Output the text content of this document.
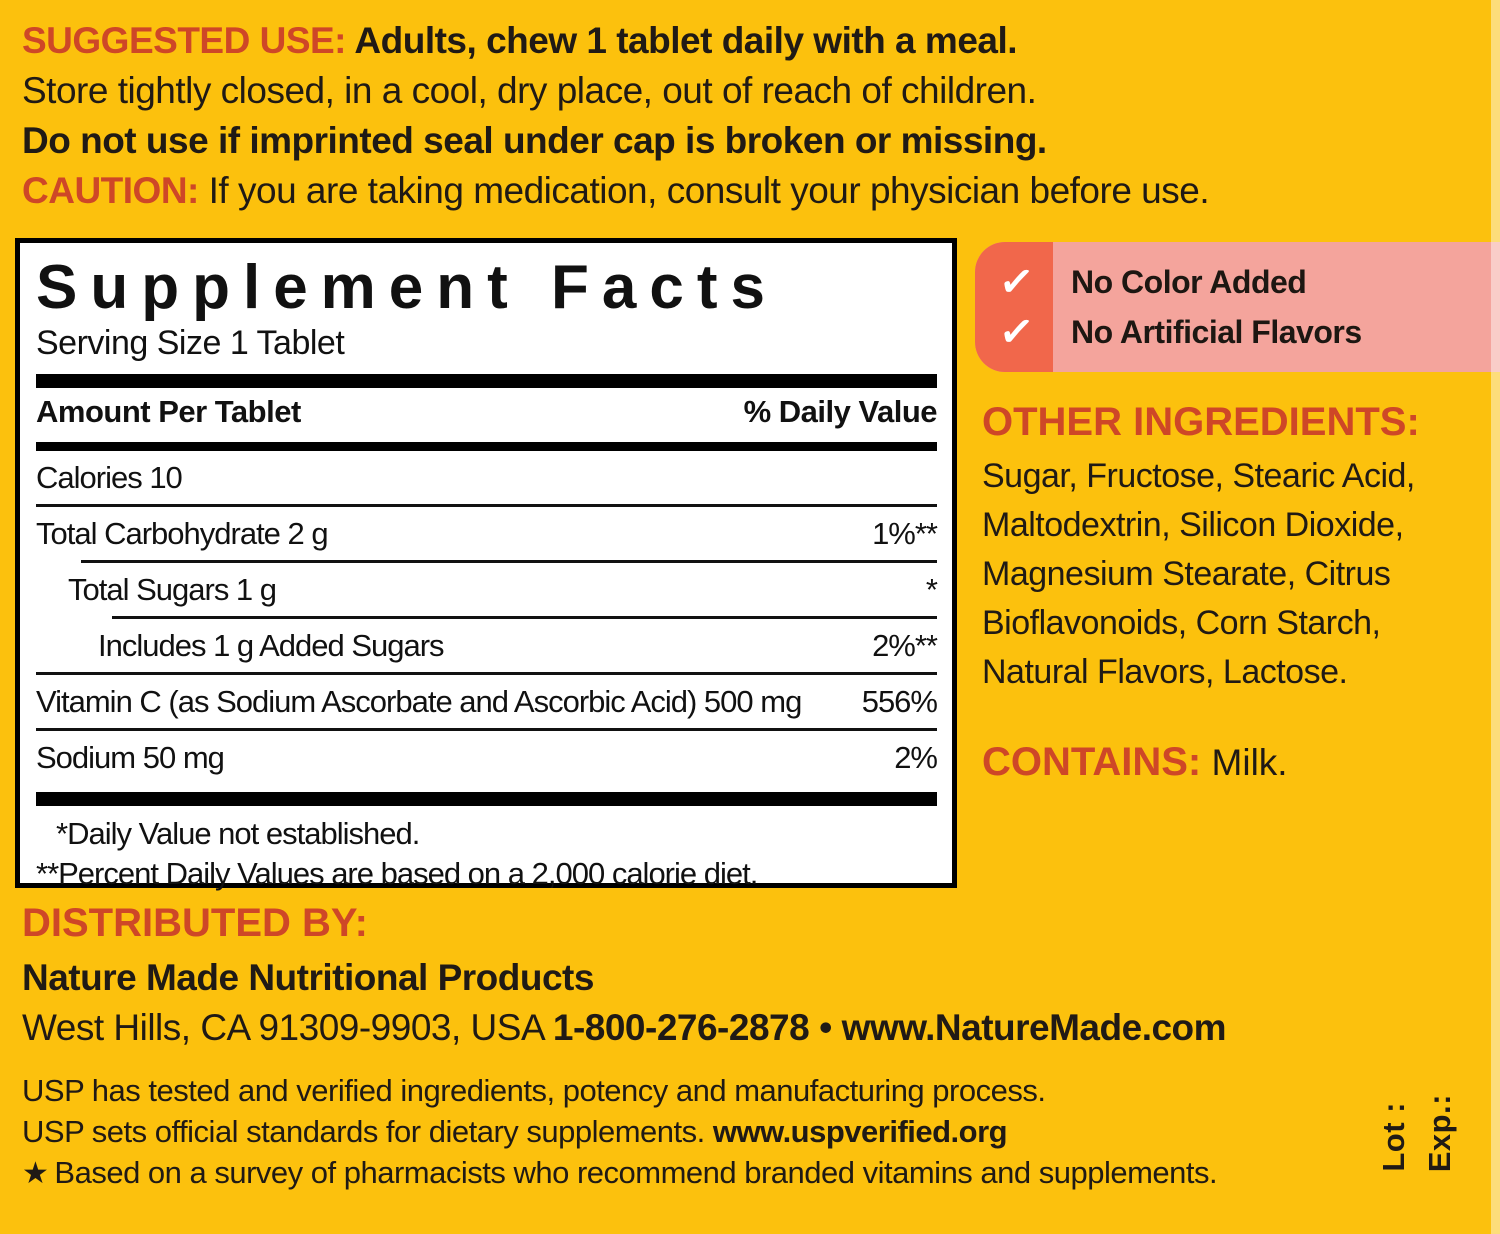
SUGGESTED USE: Adults, chew 1 tablet daily with a meal.
Store tightly closed, in a cool, dry place, out of reach of children.
Do not use if imprinted seal under cap is broken or missing.
CAUTION: If you are taking medication, consult your physician before use.
Supplement Facts
Serving Size 1 Tablet
Amount Per Tablet	% Daily Value
Calories 10
Total Carbohydrate 2 g	1%**
Total Sugars 1 g	*
Includes 1 g Added Sugars	2%**
Vitamin C (as Sodium Ascorbate and Ascorbic Acid) 500 mg 556%
Sodium 50 mg	2%
*Daily Value not established.
**Percent Daily Values are based on a 2,000 calorie diet.
✓
✓
No Color Added
No Artificial Flavors
OTHER INGREDIENTS:
Sugar, Fructose, Stearic Acid, Maltodextrin, Silicon Dioxide, Magnesium Stearate, Citrus Bioflavonoids, Corn Starch, Natural Flavors, Lactose.
CONTAINS: Milk.
DISTRIBUTED BY:
Nature Made Nutritional Products
West Hills, CA 91309-9903, USA 1-800-276-2878 • www.NatureMade.com
USP has tested and verified ingredients, potency and manufacturing process.
USP sets official standards for dietary supplements. www.uspverified.org
★ Based on a survey of pharmacists who recommend branded vitamins and supplements.
Lot : Exp.:
